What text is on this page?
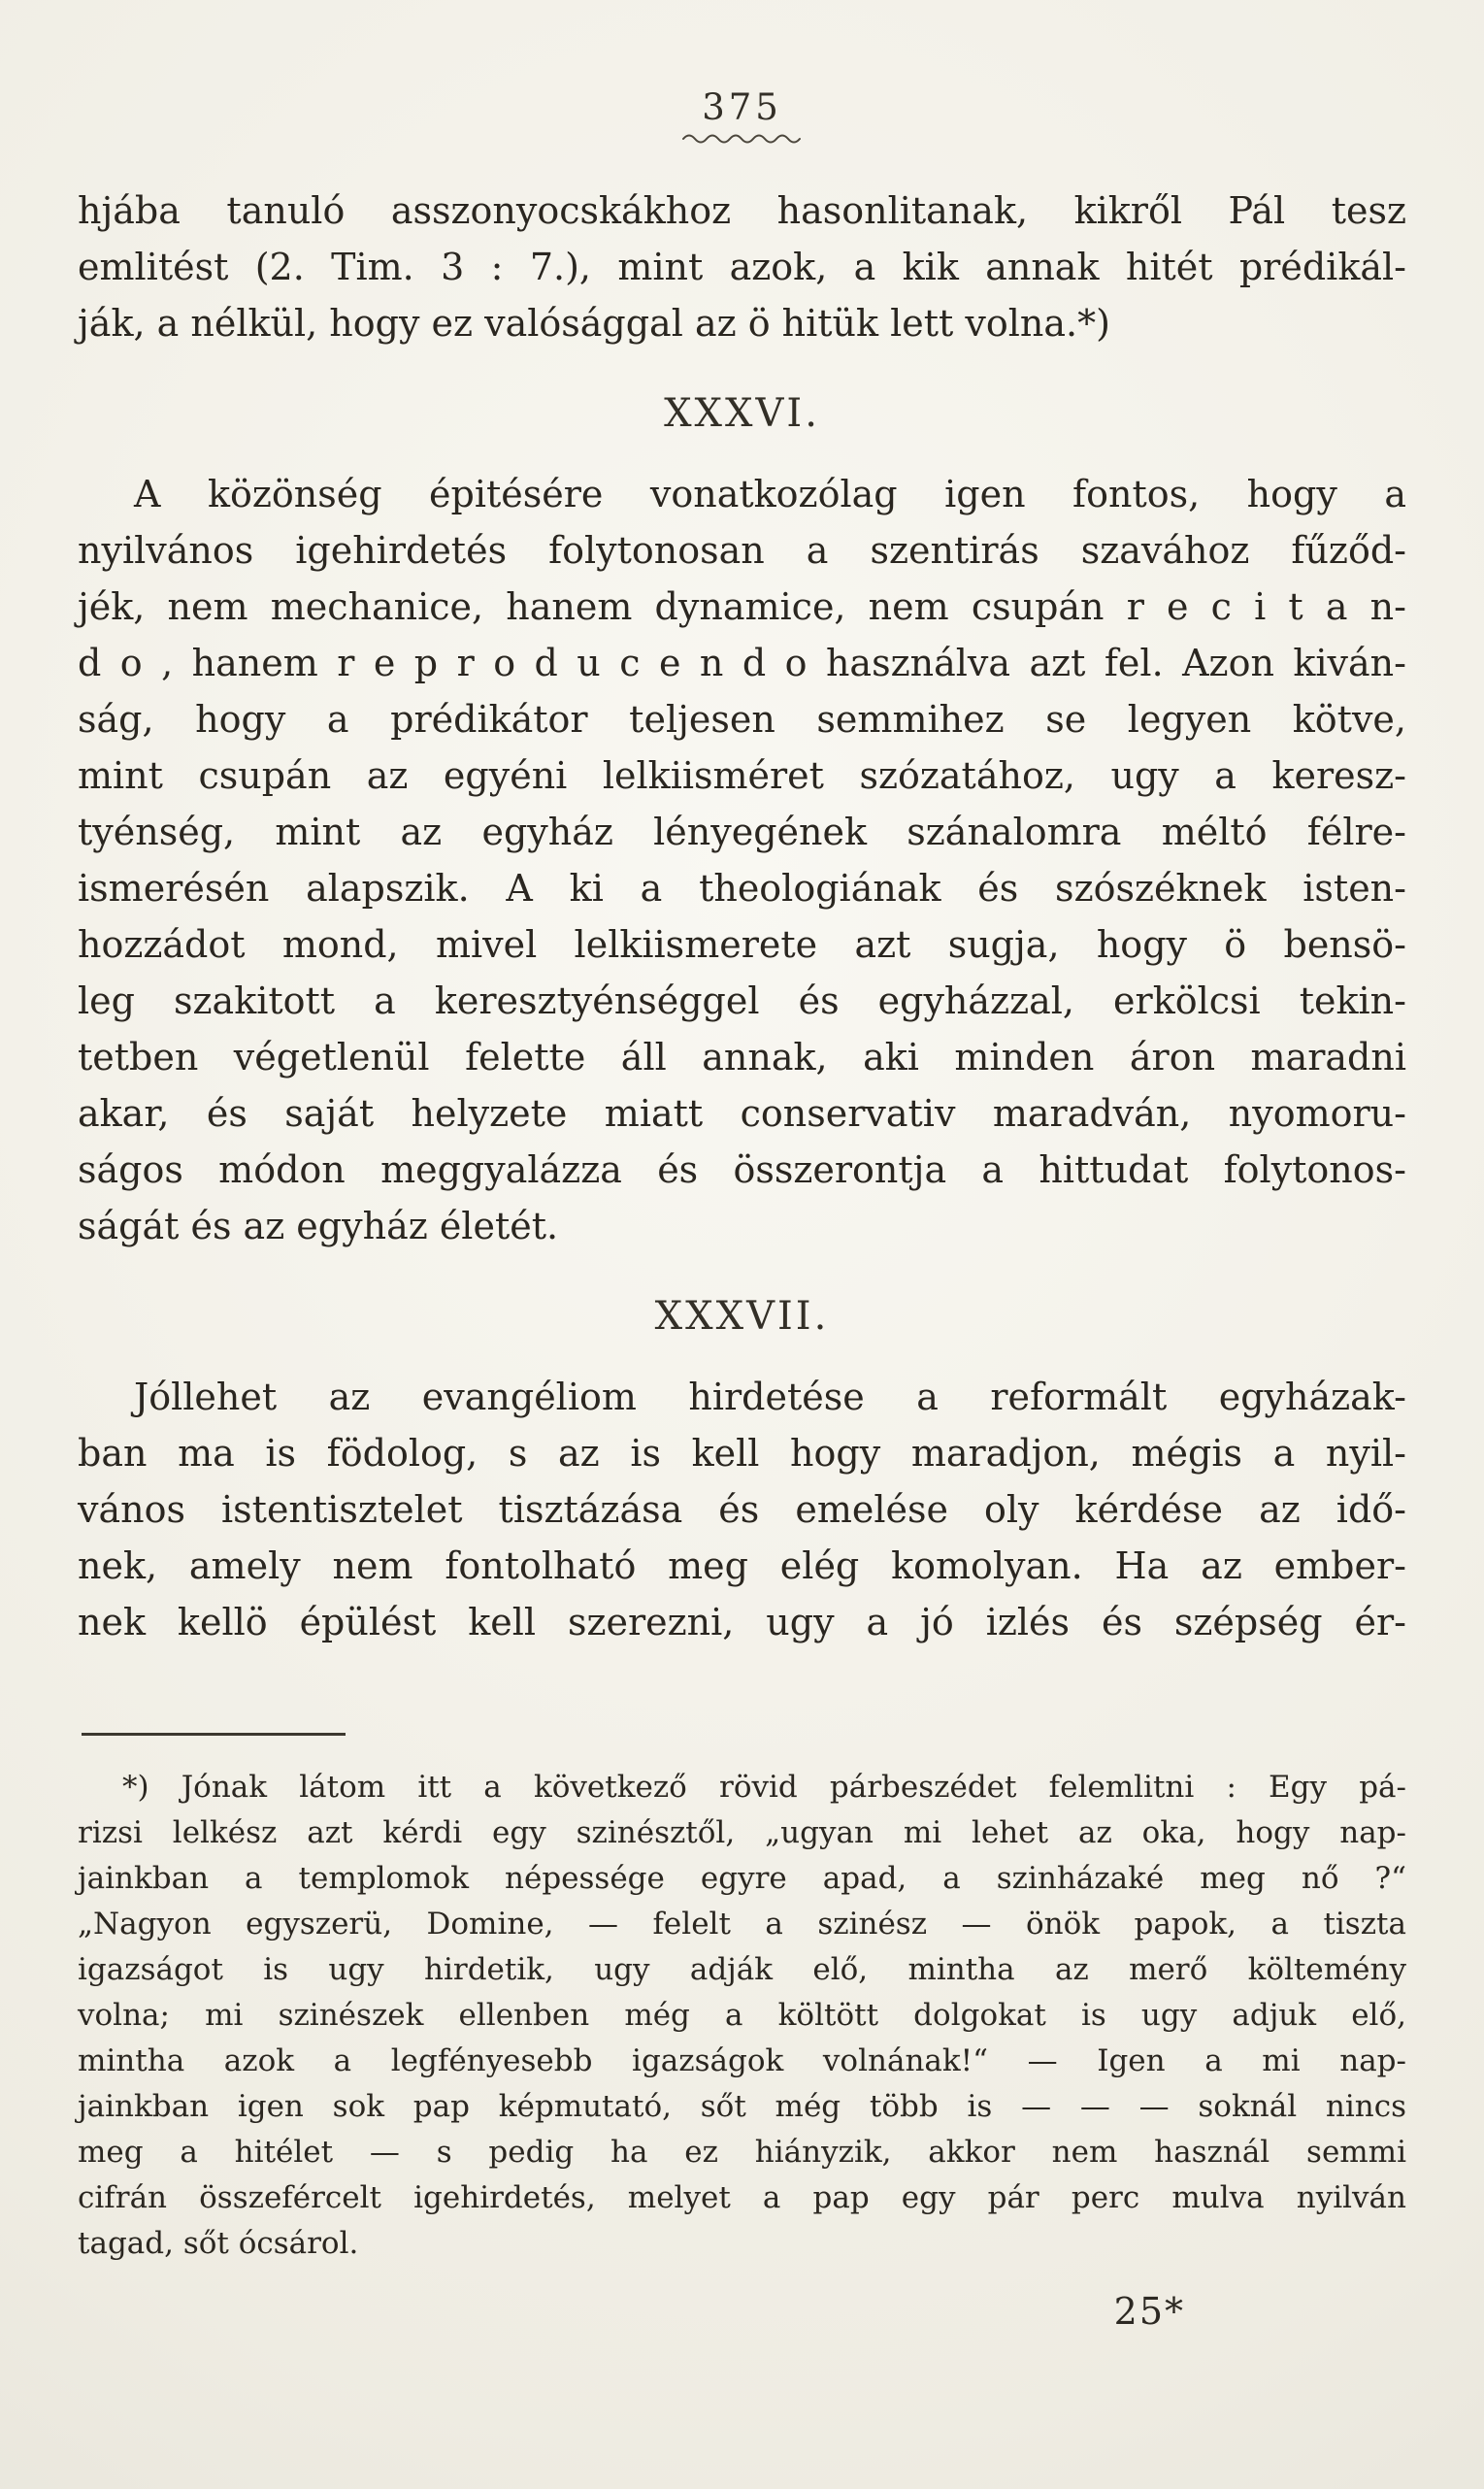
375
hjába tanuló asszonyocskákhoz hasonlitanak, kikről Pál tesz
emlitést (2. Tim. 3 : 7.), mint azok, a kik annak hitét prédikál-
ják, a nélkül, hogy ez valósággal az ö hitük lett volna.*)
XXXVI.
A közönség épitésére vonatkozólag igen fontos, hogy a
nyilvános igehirdetés folytonosan a szentirás szavához fűződ-
jék, nem mechanice, hanem dynamice, nem csupán r e c i t a n-
d o , hanem r e p r o d u c e n d o használva azt fel. Azon kiván-
ság, hogy a prédikátor teljesen semmihez se legyen kötve,
mint csupán az egyéni lelkiisméret szózatához, ugy a keresz-
tyénség, mint az egyház lényegének szánalomra méltó félre-
ismerésén alapszik. A ki a theologiának és szószéknek isten-
hozzádot mond, mivel lelkiismerete azt sugja, hogy ö bensö-
leg szakitott a keresztyénséggel és egyházzal, erkölcsi tekin-
tetben végetlenül felette áll annak, aki minden áron maradni
akar, és saját helyzete miatt conservativ maradván, nyomoru-
ságos módon meggyalázza és összerontja a hittudat folytonos-
ságát és az egyház életét.
XXXVII.
Jóllehet az evangéliom hirdetése a reformált egyházak-
ban ma is födolog, s az is kell hogy maradjon, mégis a nyil-
vános istentisztelet tisztázása és emelése oly kérdése az idő-
nek, amely nem fontolható meg elég komolyan. Ha az ember-
nek kellö épülést kell szerezni, ugy a jó izlés és szépség ér-
*) Jónak látom itt a következő rövid párbeszédet felemlitni : Egy pá-
rizsi lelkész azt kérdi egy szinésztől, „ugyan mi lehet az oka, hogy nap-
jainkban a templomok népessége egyre apad, a szinházaké meg nő ?“
„Nagyon egyszerü, Domine, — felelt a szinész — önök papok, a tiszta
igazságot is ugy hirdetik, ugy adják elő, mintha az merő költemény
volna; mi szinészek ellenben még a költött dolgokat is ugy adjuk elő,
mintha azok a legfényesebb igazságok volnának!“ — Igen a mi nap-
jainkban igen sok pap képmutató, sőt még több is — — — soknál nincs
meg a hitélet — s pedig ha ez hiányzik, akkor nem használ semmi
cifrán összefércelt igehirdetés, melyet a pap egy pár perc mulva nyilván
tagad, sőt ócsárol.
25*
